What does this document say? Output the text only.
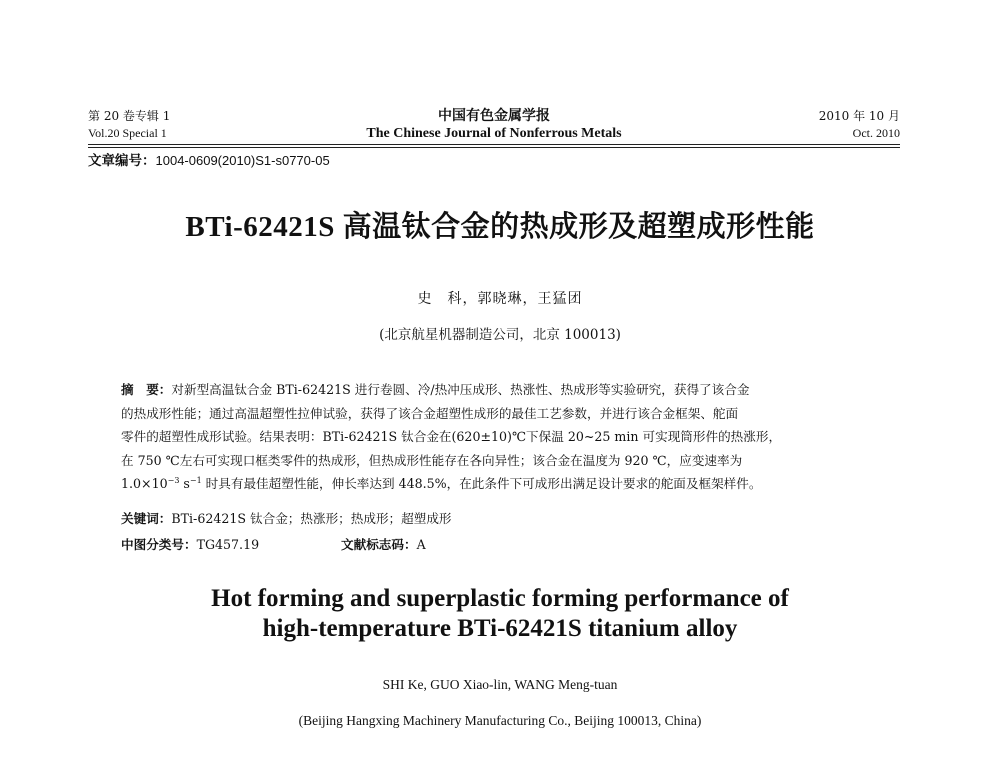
第 20 卷专辑 1
Vol.20 Special 1
中国有色金属学报
The Chinese Journal of Nonferrous Metals
2010 年 10 月
Oct. 2010
文章编号：1004-0609(2010)S1-s0770-05
BTi-62421S 高温钛合金的热成形及超塑成形性能
史　科，郭晓琳，王猛团
(北京航星机器制造公司，北京 100013)
摘　要：对新型高温钛合金 BTi-62421S 进行卷圆、冷/热冲压成形、热涨性、热成形等实验研究，获得了该合金
的热成形性能；通过高温超塑性拉伸试验，获得了该合金超塑性成形的最佳工艺参数，并进行该合金框架、舵面
零件的超塑性成形试验。结果表明：BTi-62421S 钛合金在(620±10)℃下保温 20~25 min 可实现筒形件的热涨形，
在 750 ℃左右可实现口框类零件的热成形，但热成形性能存在各向异性；该合金在温度为 920 ℃，应变速率为
$1.0\times 10^{-3}$ $s^{-1}$ 时具有最佳超塑性能，伸长率达到 448.5%，在此条件下可成形出满足设计要求的舵面及框架样件。
关键词：BTi-62421S 钛合金；热涨形；热成形；超塑成形
中图分类号：TG457.19	文献标志码：A
Hot forming and superplastic forming performance of
high-temperature BTi-62421S titanium alloy
SHI Ke, GUO Xiao-lin, WANG Meng-tuan
(Beijing Hangxing Machinery Manufacturing Co., Beijing 100013, China)
